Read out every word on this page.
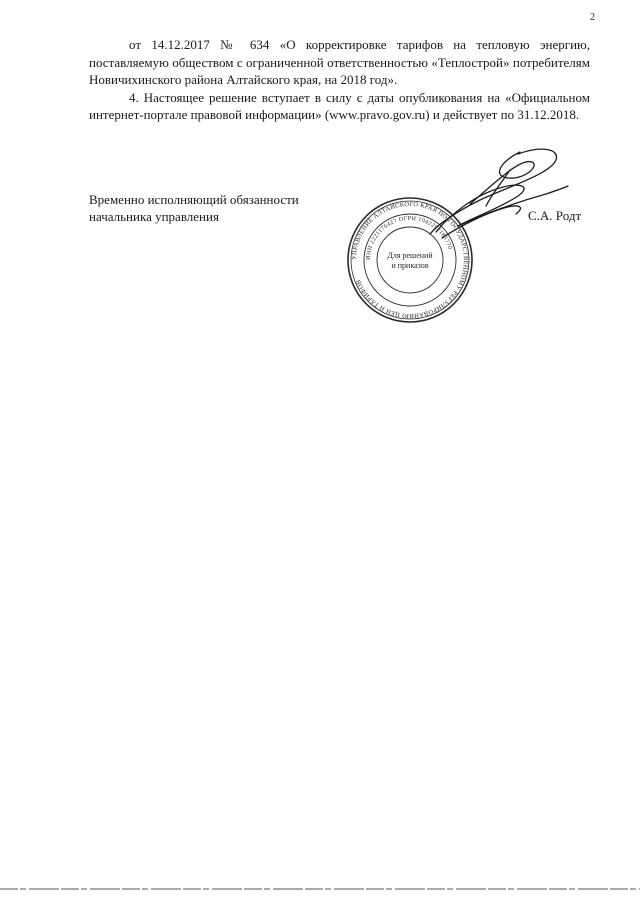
2

от 14.12.2017 № 634 «О корректировке тарифов на тепловую энергию, поставляемую обществом с ограниченной ответственностью «Теплострой» потребителям Новичихинского района Алтайского края, на 2018 год».

4. Настоящее решение вступает в силу с даты опубликования на «Официальном интернет-портале правовой информации» (www.pravo.gov.ru) и действует по 31.12.2018.

Временно исполняющий обязанности
начальника управления	С.А. Родт
УПРАВЛЕНИЕ АЛТАЙСКОГО КРАЯ ПО ГОСУДАРСТВЕННОМУ РЕГУЛИРОВАНИЮ ЦЕН И ТАРИФОВ
ИНН 2221176427 ОГРН 1042202183770
Для решений
и приказов
